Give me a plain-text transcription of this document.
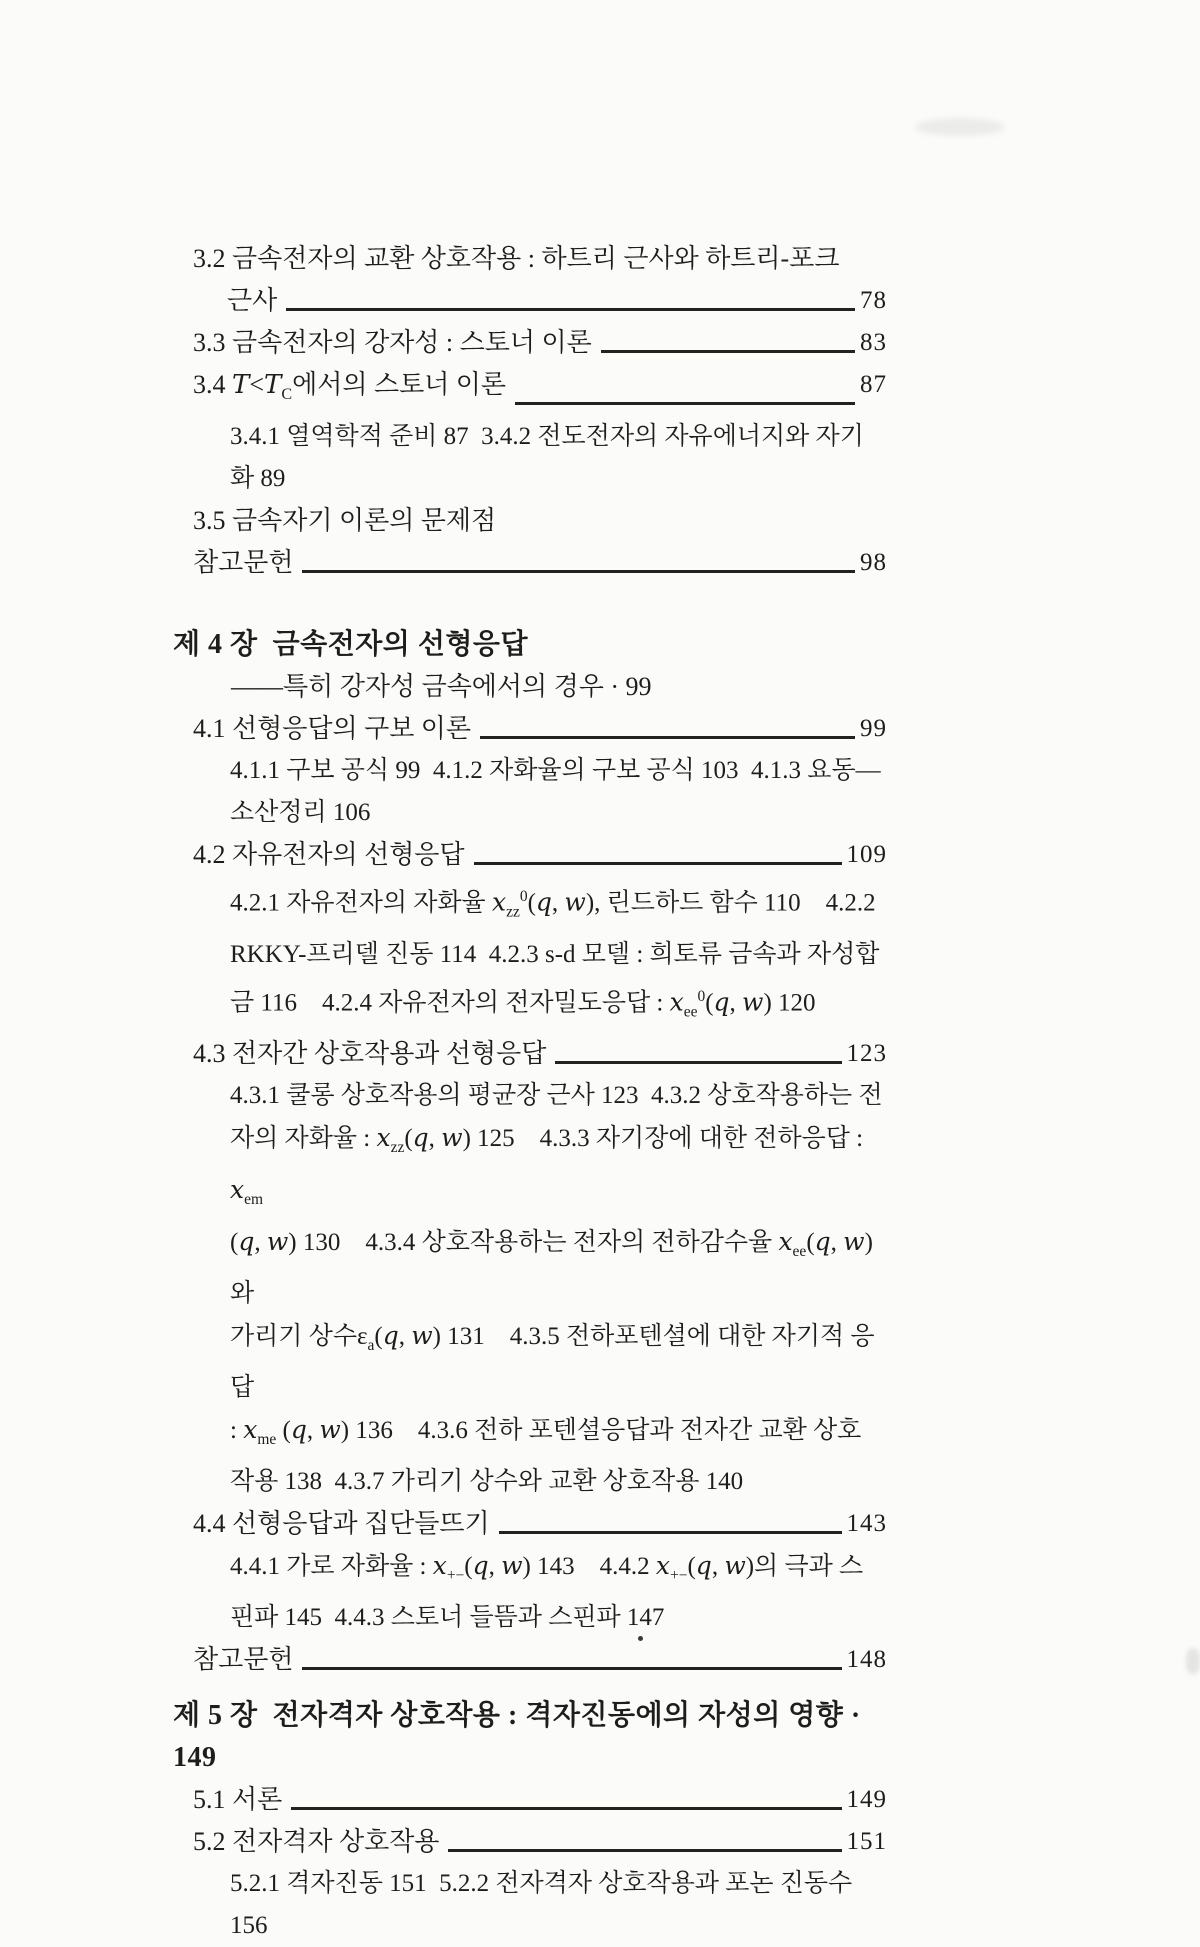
3.2 금속전자의 교환 상호작용 : 하트리 근사와 하트리-포크
근사	78
3.3 금속전자의 강자성 : 스토너 이론	83
3.4 $T<T_C$에서의 스토너 이론	87
3.4.1 열역학적 준비 87  3.4.2 전도전자의 자유에너지와 자기화 89
3.5 금속자기 이론의 문제점
참고문헌	98
제 4 장  금속전자의 선형응답
——특히 강자성 금속에서의 경우 · 99
4.1 선형응답의 구보 이론	99
4.1.1 구보 공식 99  4.1.2 자화율의 구보 공식 103  4.1.3 요동—
소산정리 106
4.2 자유전자의 선형응답	109
4.2.1 자유전자의 자화율 $x_{zz}^0(q$, w), 린드하드 함수 110  4.2.2
RKKY-프리델 진동 114  4.2.3 s-d 모델 : 희토류 금속과 자성합
금 116  4.2.4 자유전자의 전자밀도응답 : $x_{ee}^0(q$, w) 120
4.3 전자간 상호작용과 선형응답	123
4.3.1 쿨롱 상호작용의 평균장 근사 123  4.3.2 상호작용하는 전
자의 자화율 : $x_{zz}(q$, w) 125  4.3.3 자기장에 대한 전하응답 : $x_{em}$
(q, w) 130  4.3.4 상호작용하는 전자의 전하감수율 $x_{ee}(q$, w)와
가리기 상수$\varepsilon_a(q$, w) 131  4.3.5 전하포텐셜에 대한 자기적 응답
: $x_{me}$ (q, w) 136  4.3.6 전하 포텐셜응답과 전자간 교환 상호
작용 138  4.3.7 가리기 상수와 교환 상호작용 140
4.4 선형응답과 집단들뜨기	143
4.4.1 가로 자화율 : $x_{+-}(q$, w) 143  4.4.2 $x_{+-}(q$, w)의 극과 스
핀파 145  4.4.3 스토너 들뜸과 스핀파 147
참고문헌	148
제 5 장  전자격자 상호작용 : 격자진동에의 자성의 영향 · 149
5.1 서론	149
5.2 전자격자 상호작용	151
5.2.1 격자진동 151  5.2.2 전자격자 상호작용과 포논 진동수 156
